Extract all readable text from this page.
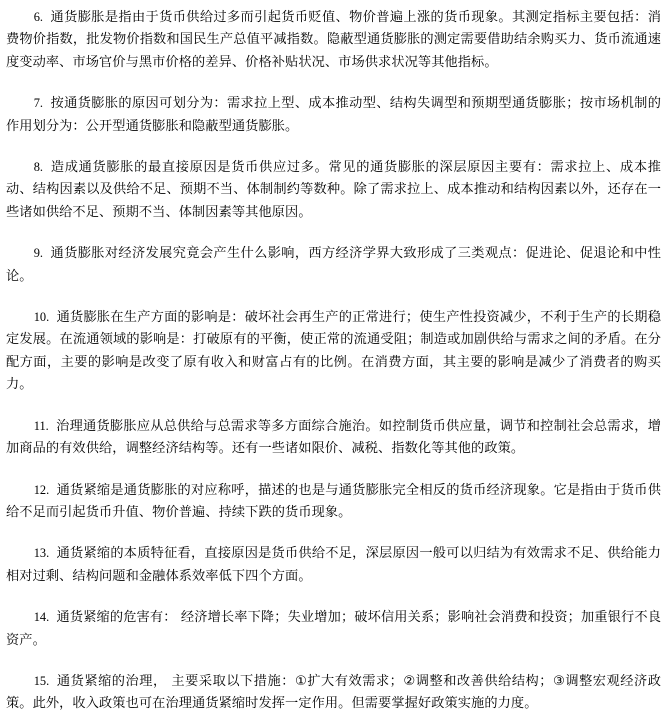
6. 通货膨胀是指由于货币供给过多而引起货币贬值、物价普遍上涨的货币现象。其测定指标主要包括：消费物价指数，批发物价指数和国民生产总值平减指数。隐蔽型通货膨胀的测定需要借助结余购买力、货币流通速度变动率、市场官价与黑市价格的差异、价格补贴状况、市场供求状况等其他指标。

7. 按通货膨胀的原因可划分为：需求拉上型、成本推动型、结构失调型和预期型通货膨胀；按市场机制的作用划分为：公开型通货膨胀和隐蔽型通货膨胀。

8. 造成通货膨胀的最直接原因是货币供应过多。常见的通货膨胀的深层原因主要有：需求拉上、成本推动、结构因素以及供给不足、预期不当、体制制约等数种。除了需求拉上、成本推动和结构因素以外，还存在一些诸如供给不足、预期不当、体制因素等其他原因。

9. 通货膨胀对经济发展究竟会产生什么影响，西方经济学界大致形成了三类观点：促进论、促退论和中性论。

10. 通货膨胀在生产方面的影响是：破坏社会再生产的正常进行；使生产性投资减少，不利于生产的长期稳定发展。在流通领域的影响是：打破原有的平衡，使正常的流通受阻；制造或加剧供给与需求之间的矛盾。在分配方面，主要的影响是改变了原有收入和财富占有的比例。在消费方面，其主要的影响是减少了消费者的购买力。

11. 治理通货膨胀应从总供给与总需求等多方面综合施治。如控制货币供应量，调节和控制社会总需求，增加商品的有效供给，调整经济结构等。还有一些诸如限价、减税、指数化等其他的政策。

12. 通货紧缩是通货膨胀的对应称呼，描述的也是与通货膨胀完全相反的货币经济现象。它是指由于货币供给不足而引起货币升值、物价普遍、持续下跌的货币现象。

13. 通货紧缩的本质特征看，直接原因是货币供给不足，深层原因一般可以归结为有效需求不足、供给能力相对过剩、结构问题和金融体系效率低下四个方面。

14. 通货紧缩的危害有： 经济增长率下降；失业增加；破坏信用关系；影响社会消费和投资；加重银行不良资产。

15. 通货紧缩的治理， 主要采取以下措施：①扩大有效需求；②调整和改善供给结构；③调整宏观经济政策。此外，收入政策也可在治理通货紧缩时发挥一定作用。但需要掌握好政策实施的力度。
